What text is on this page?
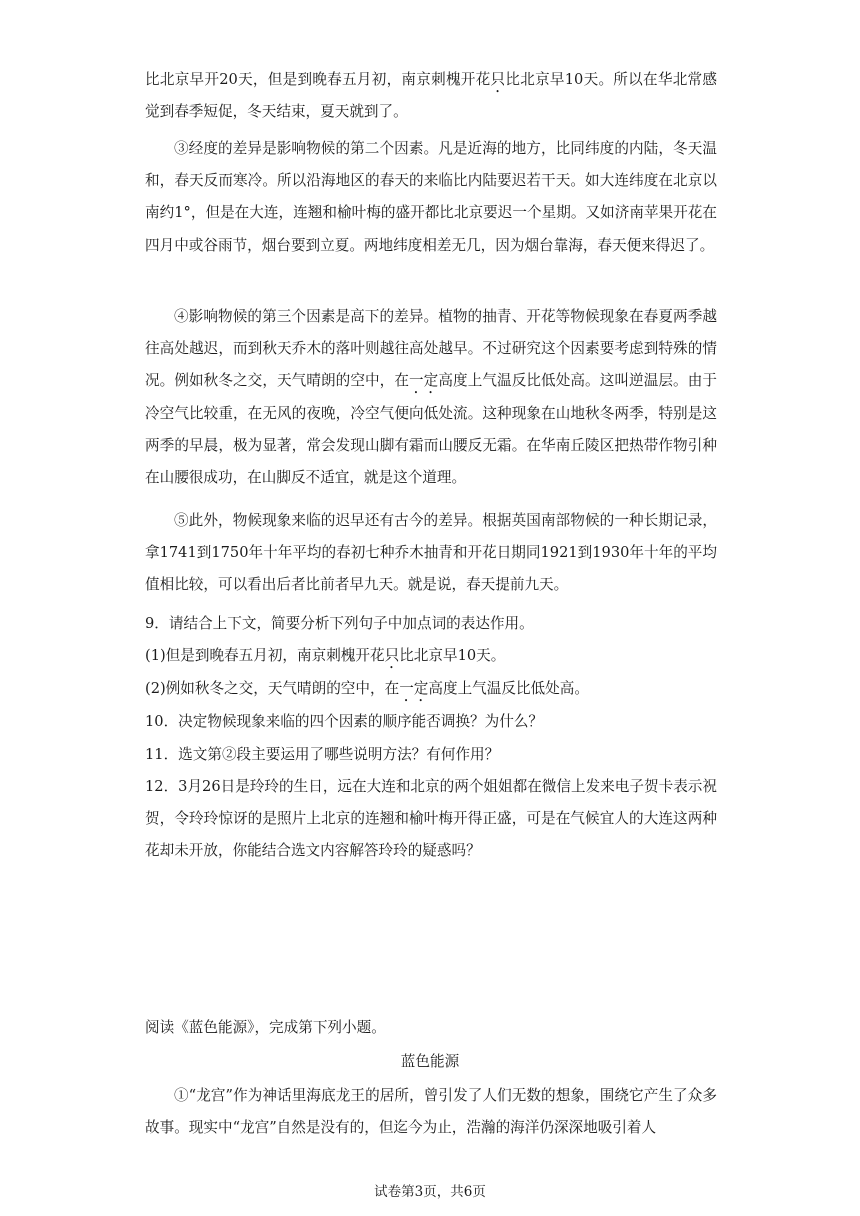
比北京早开20天，但是到晚春五月初，南京刺槐开花只比北京早10天。所以在华北常感觉到春季短促，冬天结束，夏天就到了。

③经度的差异是影响物候的第二个因素。凡是近海的地方，比同纬度的内陆，冬天温和，春天反而寒冷。所以沿海地区的春天的来临比内陆要迟若干天。如大连纬度在北京以南约1°，但是在大连，连翘和榆叶梅的盛开都比北京要迟一个星期。又如济南苹果开花在四月中或谷雨节，烟台要到立夏。两地纬度相差无几，因为烟台靠海，春天便来得迟了。

④影响物候的第三个因素是高下的差异。植物的抽青、开花等物候现象在春夏两季越往高处越迟，而到秋天乔木的落叶则越往高处越早。不过研究这个因素要考虑到特殊的情况。例如秋冬之交，天气晴朗的空中，在一定高度上气温反比低处高。这叫逆温层。由于冷空气比较重，在无风的夜晚，冷空气便向低处流。这种现象在山地秋冬两季，特别是这两季的早晨，极为显著，常会发现山脚有霜而山腰反无霜。在华南丘陵区把热带作物引种在山腰很成功，在山脚反不适宜，就是这个道理。

⑤此外，物候现象来临的迟早还有古今的差异。根据英国南部物候的一种长期记录，拿1741到1750年十年平均的春初七种乔木抽青和开花日期同1921到1930年十年的平均值相比较，可以看出后者比前者早九天。就是说，春天提前九天。

9．请结合上下文，简要分析下列句子中加点词的表达作用。

(1)但是到晚春五月初，南京刺槐开花只比北京早10天。

(2)例如秋冬之交，天气晴朗的空中，在一定高度上气温反比低处高。

10．决定物候现象来临的四个因素的顺序能否调换？为什么？

11．选文第②段主要运用了哪些说明方法？有何作用？

12．3月26日是玲玲的生日，远在大连和北京的两个姐姐都在微信上发来电子贺卡表示祝贺，令玲玲惊讶的是照片上北京的连翘和榆叶梅开得正盛，可是在气候宜人的大连这两种花却未开放，你能结合选文内容解答玲玲的疑惑吗？

阅读《蓝色能源》，完成第下列小题。

蓝色能源

①“龙宫”作为神话里海底龙王的居所，曾引发了人们无数的想象，围绕它产生了众多故事。现实中“龙宫”自然是没有的，但迄今为止，浩瀚的海洋仍深深地吸引着人

试卷第3页，共6页
